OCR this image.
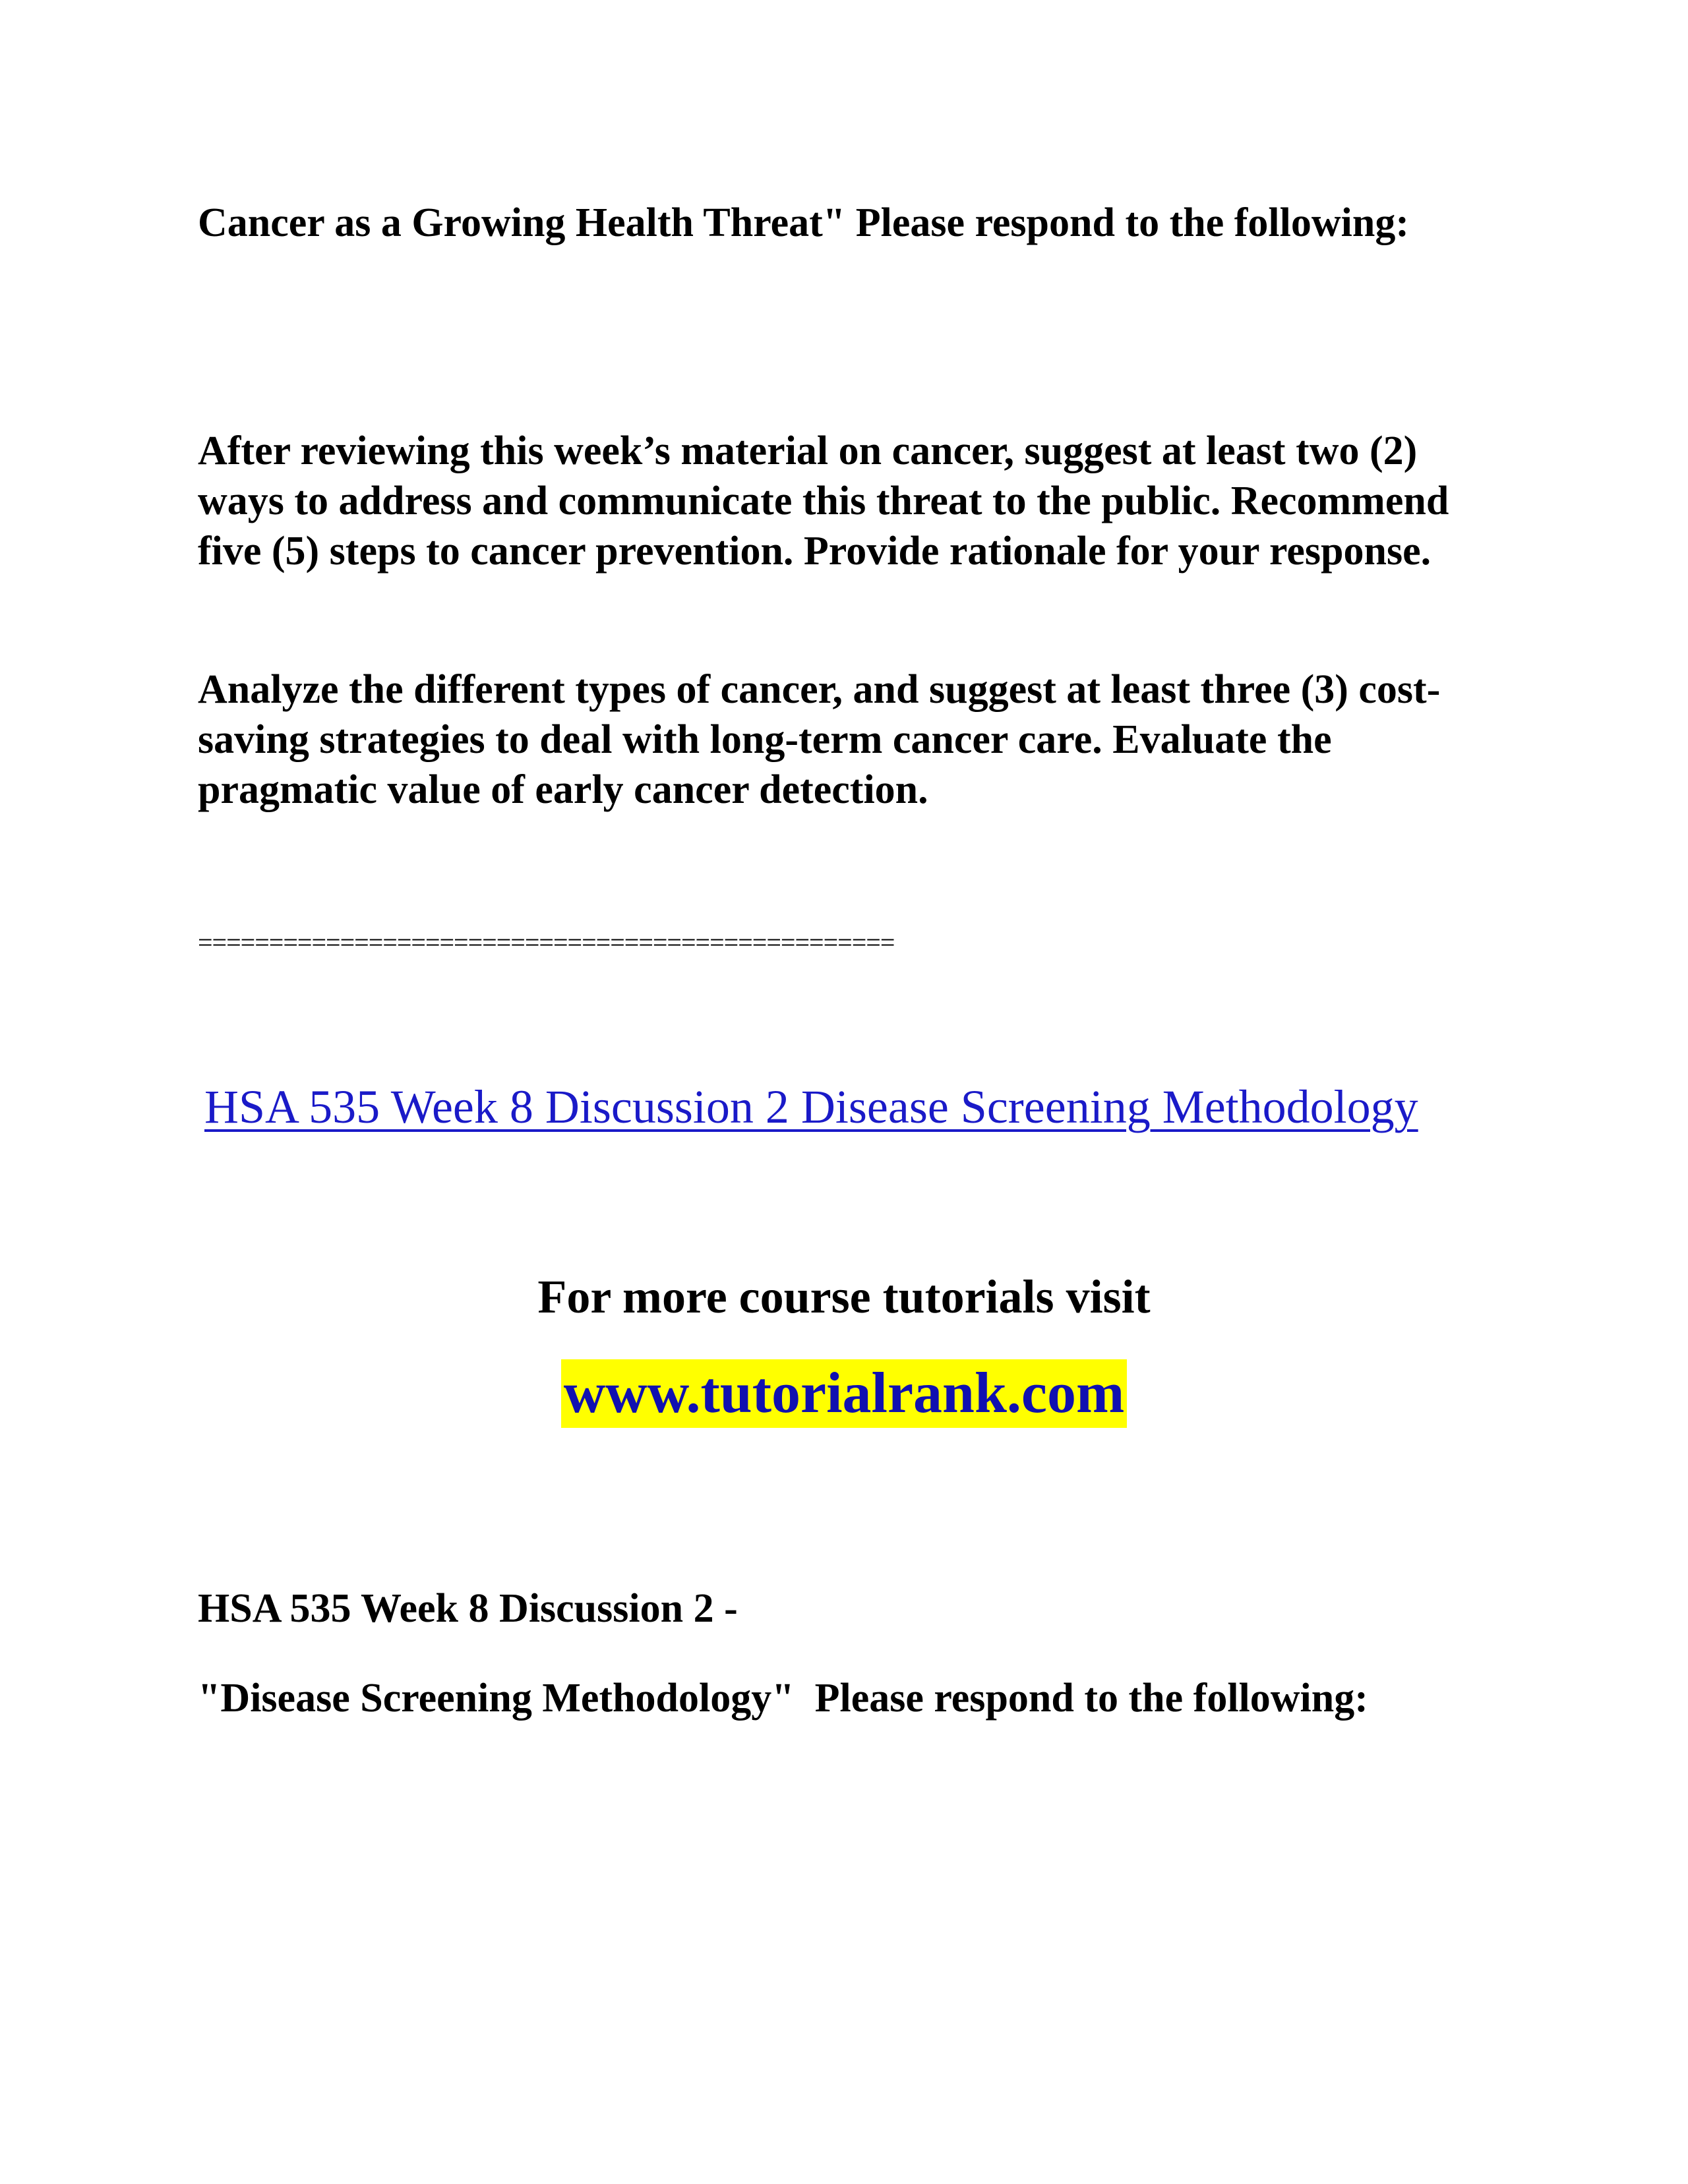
Cancer as a Growing Health Threat" Please respond to the following:

After reviewing this week’s material on cancer, suggest at least two (2) ways to address and communicate this threat to the public. Recommend five (5) steps to cancer prevention. Provide rationale for your response.

Analyze the different types of cancer, and suggest at least three (3) cost-saving strategies to deal with long-term cancer care. Evaluate the pragmatic value of early cancer detection.

=================================================

HSA 535 Week 8 Discussion 2 Disease Screening Methodology

For more course tutorials visit

www.tutorialrank.com

HSA 535 Week 8 Discussion 2 -

"Disease Screening Methodology"  Please respond to the following:
